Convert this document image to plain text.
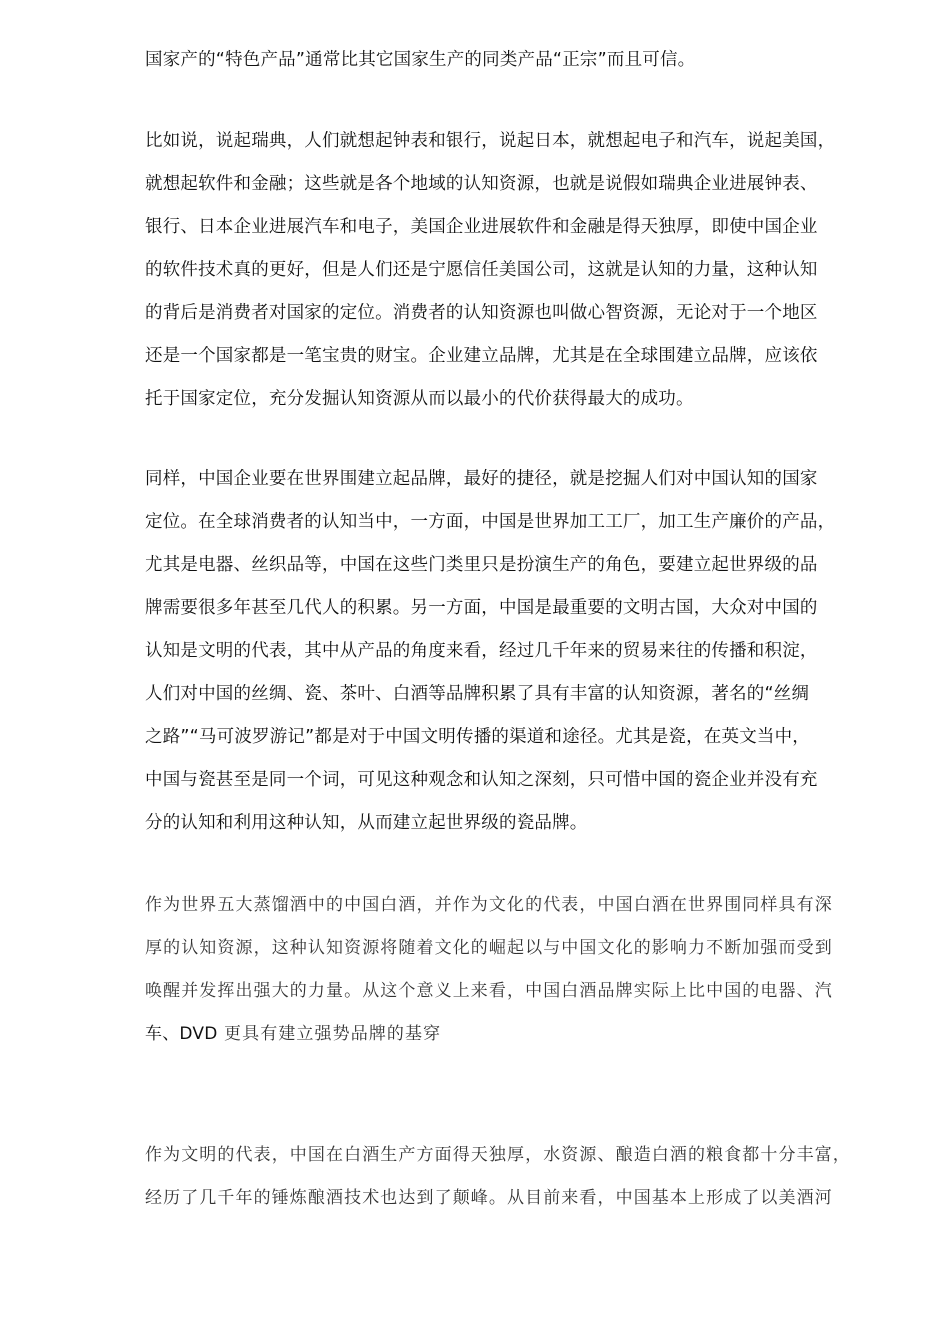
国家产的“特色产品”通常比其它国家生产的同类产品“正宗”而且可信。
比如说，说起瑞典，人们就想起钟表和银行，说起日本，就想起电子和汽车，说起美国，
就想起软件和金融；这些就是各个地域的认知资源，也就是说假如瑞典企业进展钟表、
银行、日本企业进展汽车和电子，美国企业进展软件和金融是得天独厚，即使中国企业
的软件技术真的更好，但是人们还是宁愿信任美国公司，这就是认知的力量，这种认知
的背后是消费者对国家的定位。消费者的认知资源也叫做心智资源，无论对于一个地区
还是一个国家都是一笔宝贵的财宝。企业建立品牌，尤其是在全球围建立品牌，应该依
托于国家定位，充分发掘认知资源从而以最小的代价获得最大的成功。
同样，中国企业要在世界围建立起品牌，最好的捷径，就是挖掘人们对中国认知的国家
定位。在全球消费者的认知当中，一方面，中国是世界加工工厂，加工生产廉价的产品，
尤其是电器、丝织品等，中国在这些门类里只是扮演生产的角色，要建立起世界级的品
牌需要很多年甚至几代人的积累。另一方面，中国是最重要的文明古国，大众对中国的
认知是文明的代表，其中从产品的角度来看，经过几千年来的贸易来往的传播和积淀，
人们对中国的丝绸、瓷、茶叶、白酒等品牌积累了具有丰富的认知资源，著名的“丝绸
之路”“马可波罗游记”都是对于中国文明传播的渠道和途径。尤其是瓷，在英文当中，
中国与瓷甚至是同一个词，可见这种观念和认知之深刻，只可惜中国的瓷企业并没有充
分的认知和利用这种认知，从而建立起世界级的瓷品牌。
作为世界五大蒸馏酒中的中国白酒，并作为文化的代表，中国白酒在世界围同样具有深
厚的认知资源，这种认知资源将随着文化的崛起以与中国文化的影响力不断加强而受到
唤醒并发挥出强大的力量。从这个意义上来看，中国白酒品牌实际上比中国的电器、汽
车、DVD 更具有建立强势品牌的基穿
作为文明的代表，中国在白酒生产方面得天独厚，水资源、酿造白酒的粮食都十分丰富，
经历了几千年的锤炼酿酒技术也达到了颠峰。从目前来看，中国基本上形成了以美酒河
